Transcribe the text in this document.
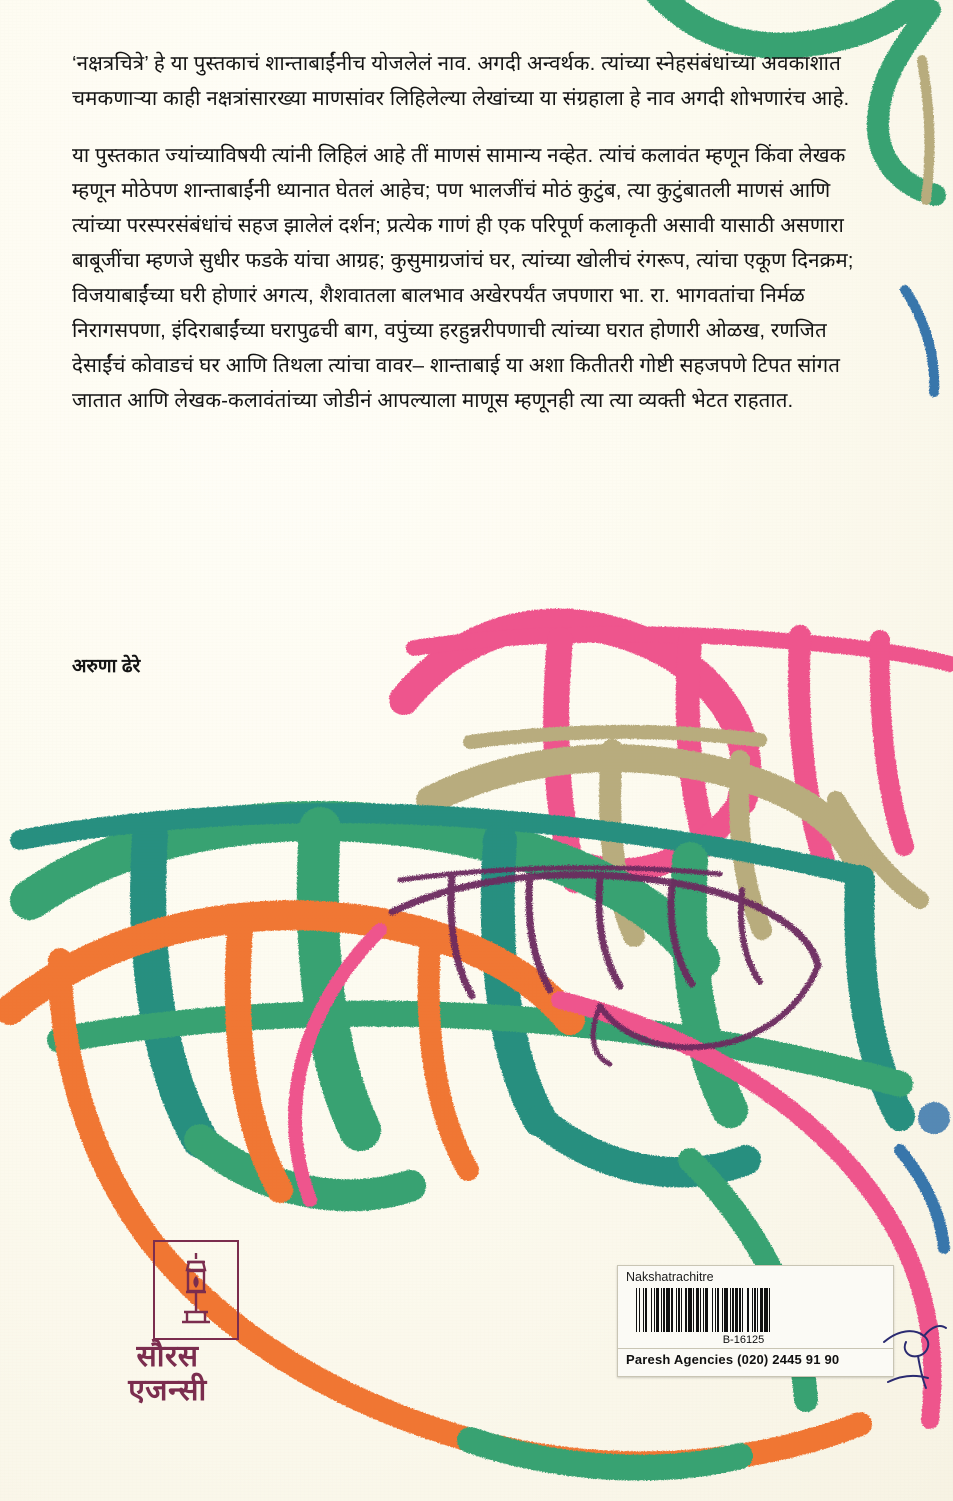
‘नक्षत्रचित्रे’ हे या पुस्तकाचं शान्ताबाईंनीच योजलेलं नाव. अगदी अन्वर्थक. त्यांच्या स्नेहसंबंधांच्या अवकाशात चमकणाऱ्या काही नक्षत्रांसारख्या माणसांवर लिहिलेल्या लेखांच्या या संग्रहाला हे नाव अगदी शोभणारंच आहे.

या पुस्तकात ज्यांच्याविषयी त्यांनी लिहिलं आहे तीं माणसं सामान्य नव्हेत. त्यांचं कलावंत म्हणून किंवा लेखक म्हणून मोठेपण शान्ताबाईंनी ध्यानात घेतलं आहेच; पण भालजींचं मोठं कुटुंब, त्या कुटुंबातली माणसं आणि त्यांच्या परस्परसंबंधांचं सहज झालेलं दर्शन; प्रत्येक गाणं ही एक परिपूर्ण कलाकृती असावी यासाठी असणारा बाबूजींचा म्हणजे सुधीर फडके यांचा आग्रह; कुसुमाग्रजांचं घर, त्यांच्या खोलीचं रंगरूप, त्यांचा एकूण दिनक्रम; विजयाबाईंच्या घरी होणारं अगत्य, शैशवातला बालभाव अखेरपर्यंत जपणारा भा. रा. भागवतांचा निर्मळ निरागसपणा, इंदिराबाईंच्या घरापुढची बाग, वपुंच्या हरहुन्नरीपणाची त्यांच्या घरात होणारी ओळख, रणजित देसाईंचं कोवाडचं घर आणि तिथला त्यांचा वावर– शान्ताबाई या अशा कितीतरी गोष्टी सहजपणे टिपत सांगत जातात आणि लेखक-कलावंतांच्या जोडीनं आपल्याला माणूस म्हणूनही त्या त्या व्यक्ती भेटत राहतात.

अरुणा ढेरे
सौरस
एजन्सी
Nakshatrachitre
B-16125
Paresh Agencies (020) 2445 91 90
